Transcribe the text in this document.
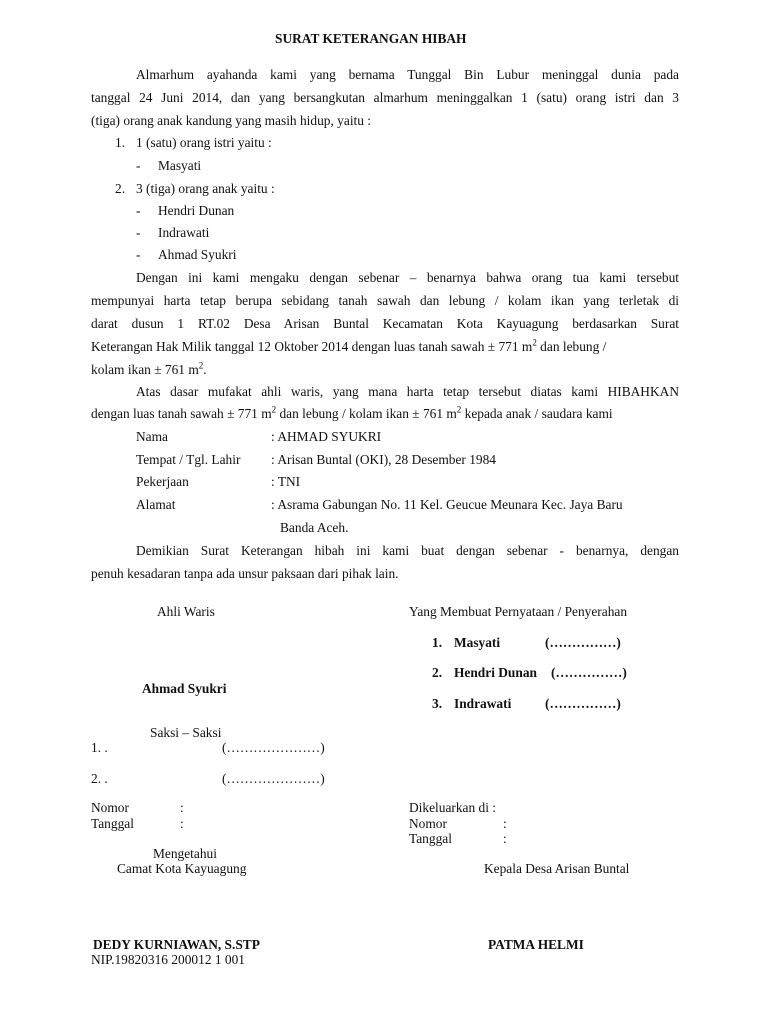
SURAT KETERANGAN HIBAH
Almarhum ayahanda kami yang bernama Tunggal Bin Lubur meninggal dunia pada
tanggal 24 Juni 2014, dan yang bersangkutan almarhum meninggalkan 1 (satu) orang istri dan 3
(tiga) orang anak kandung yang masih hidup, yaitu :
1. 1 (satu) orang istri yaitu :
- Masyati
2. 3 (tiga) orang anak yaitu :
- Hendri Dunan
- Indrawati
- Ahmad Syukri
Dengan ini kami mengaku dengan sebenar – benarnya bahwa orang tua kami tersebut
mempunyai harta tetap berupa sebidang tanah sawah dan lebung / kolam ikan yang terletak di
darat dusun 1 RT.02 Desa Arisan Buntal Kecamatan Kota Kayuagung berdasarkan Surat
Keterangan Hak Milik tanggal 12 Oktober 2014 dengan luas tanah sawah ± 771 $m^2$ dan lebung /
kolam ikan ± 761 $m^2$.
Atas dasar mufakat ahli waris, yang mana harta tetap tersebut diatas kami HIBAHKAN
dengan luas tanah sawah ± 771 $m^2$ dan lebung / kolam ikan ± 761 $m^2$ kepada anak / saudara kami
Nama	: AHMAD SYUKRI
Tempat / Tgl. Lahir : Arisan Buntal (OKI), 28 Desember 1984
Pekerjaan	: TNI
Alamat	: Asrama Gabungan No. 11 Kel. Geucue Meunara Kec. Jaya Baru
Banda Aceh.
Demikian Surat Keterangan hibah ini kami buat dengan sebenar - benarnya, dengan
penuh kesadaran tanpa ada unsur paksaan dari pihak lain.
Ahli Waris	Yang Membuat Pernyataan / Penyerahan
1. Masyati	(……………)
2. Hendri Dunan (……………)
Ahmad Syukri
3. Indrawati	(……………)
Saksi – Saksi
1. .	(…………………)
2. .	(…………………)
Nomor	:
Tanggal	:
Dikeluarkan di :
Nomor	:
Tanggal	:
Mengetahui
Camat Kota Kayuagung	Kepala Desa Arisan Buntal
DEDY KURNIAWAN, S.STP	PATMA HELMI
NIP.19820316 200012 1 001
